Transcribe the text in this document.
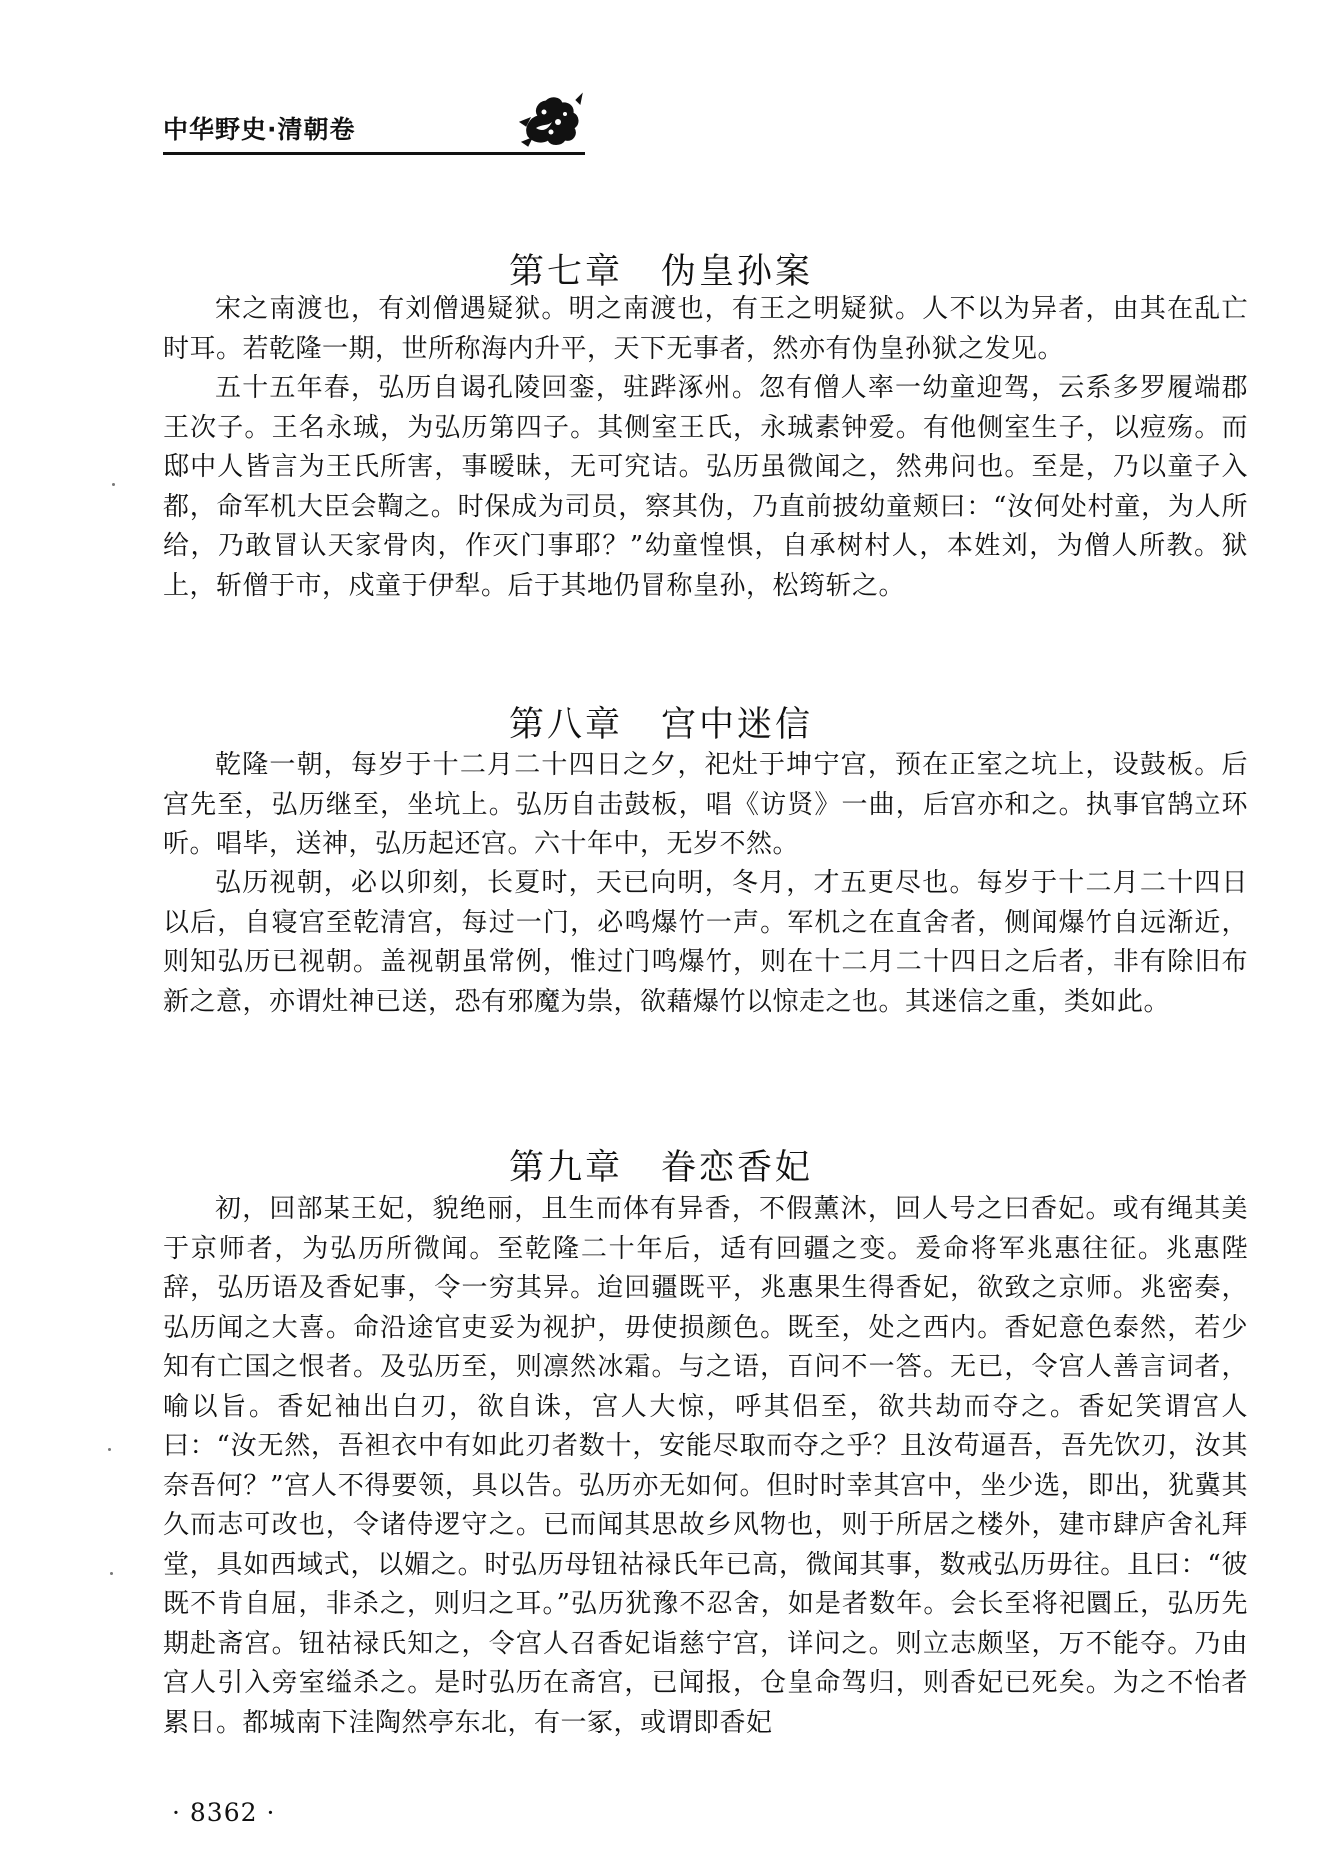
中华野史·清朝卷
第七章　伪皇孙案

宋之南渡也，有刘僧遇疑狱。明之南渡也，有王之明疑狱。人不以为异者，由其在乱亡时耳。若乾隆一期，世所称海内升平，天下无事者，然亦有伪皇孙狱之发见。

五十五年春，弘历自谒孔陵回銮，驻跸涿州。忽有僧人率一幼童迎驾，云系多罗履端郡王次子。王名永珹，为弘历第四子。其侧室王氏，永珹素钟爱。有他侧室生子，以痘殇。而邸中人皆言为王氏所害，事暧昧，无可究诘。弘历虽微闻之，然弗问也。至是，乃以童子入都，命军机大臣会鞫之。时保成为司员，察其伪，乃直前披幼童颊曰：“汝何处村童，为人所给，乃敢冒认天家骨肉，作灭门事耶？”幼童惶惧，自承树村人，本姓刘，为僧人所教。狱上，斩僧于市，戍童于伊犁。后于其地仍冒称皇孙，松筠斩之。

第八章　宫中迷信

乾隆一朝，每岁于十二月二十四日之夕，祀灶于坤宁宫，预在正室之坑上，设鼓板。后宫先至，弘历继至，坐坑上。弘历自击鼓板，唱《访贤》一曲，后宫亦和之。执事官鹄立环听。唱毕，送神，弘历起还宫。六十年中，无岁不然。

弘历视朝，必以卯刻，长夏时，天已向明，冬月，才五更尽也。每岁于十二月二十四日以后，自寝宫至乾清宫，每过一门，必鸣爆竹一声。军机之在直舍者，侧闻爆竹自远渐近，则知弘历已视朝。盖视朝虽常例，惟过门鸣爆竹，则在十二月二十四日之后者，非有除旧布新之意，亦谓灶神已送，恐有邪魔为祟，欲藉爆竹以惊走之也。其迷信之重，类如此。

第九章　眷恋香妃

初，回部某王妃，貌绝丽，且生而体有异香，不假薰沐，回人号之曰香妃。或有绳其美于京师者，为弘历所微闻。至乾隆二十年后，适有回疆之变。爰命将军兆惠往征。兆惠陛辞，弘历语及香妃事，令一穷其异。迨回疆既平，兆惠果生得香妃，欲致之京师。兆密奏，弘历闻之大喜。命沿途官吏妥为视护，毋使损颜色。既至，处之西内。香妃意色泰然，若少知有亡国之恨者。及弘历至，则凛然冰霜。与之语，百问不一答。无已，令宫人善言词者，喻以旨。香妃袖出白刃，欲自诛，宫人大惊，呼其侣至，欲共劫而夺之。香妃笑谓宫人曰：“汝无然，吾袒衣中有如此刃者数十，安能尽取而夺之乎？且汝苟逼吾，吾先饮刃，汝其奈吾何？”宫人不得要领，具以告。弘历亦无如何。但时时幸其宫中，坐少选，即出，犹冀其久而志可改也，令诸侍逻守之。已而闻其思故乡风物也，则于所居之楼外，建市肆庐舍礼拜堂，具如西域式，以媚之。时弘历母钮祜禄氏年已高，微闻其事，数戒弘历毋往。且曰：“彼既不肯自屈，非杀之，则归之耳。”弘历犹豫不忍舍，如是者数年。会长至将祀圜丘，弘历先期赴斋宫。钮祜禄氏知之，令宫人召香妃诣慈宁宫，详问之。则立志颇坚，万不能夺。乃由宫人引入旁室缢杀之。是时弘历在斋宫，已闻报，仓皇命驾归，则香妃已死矣。为之不怡者累日。都城南下洼陶然亭东北，有一冢，或谓即香妃

· 8362 ·
